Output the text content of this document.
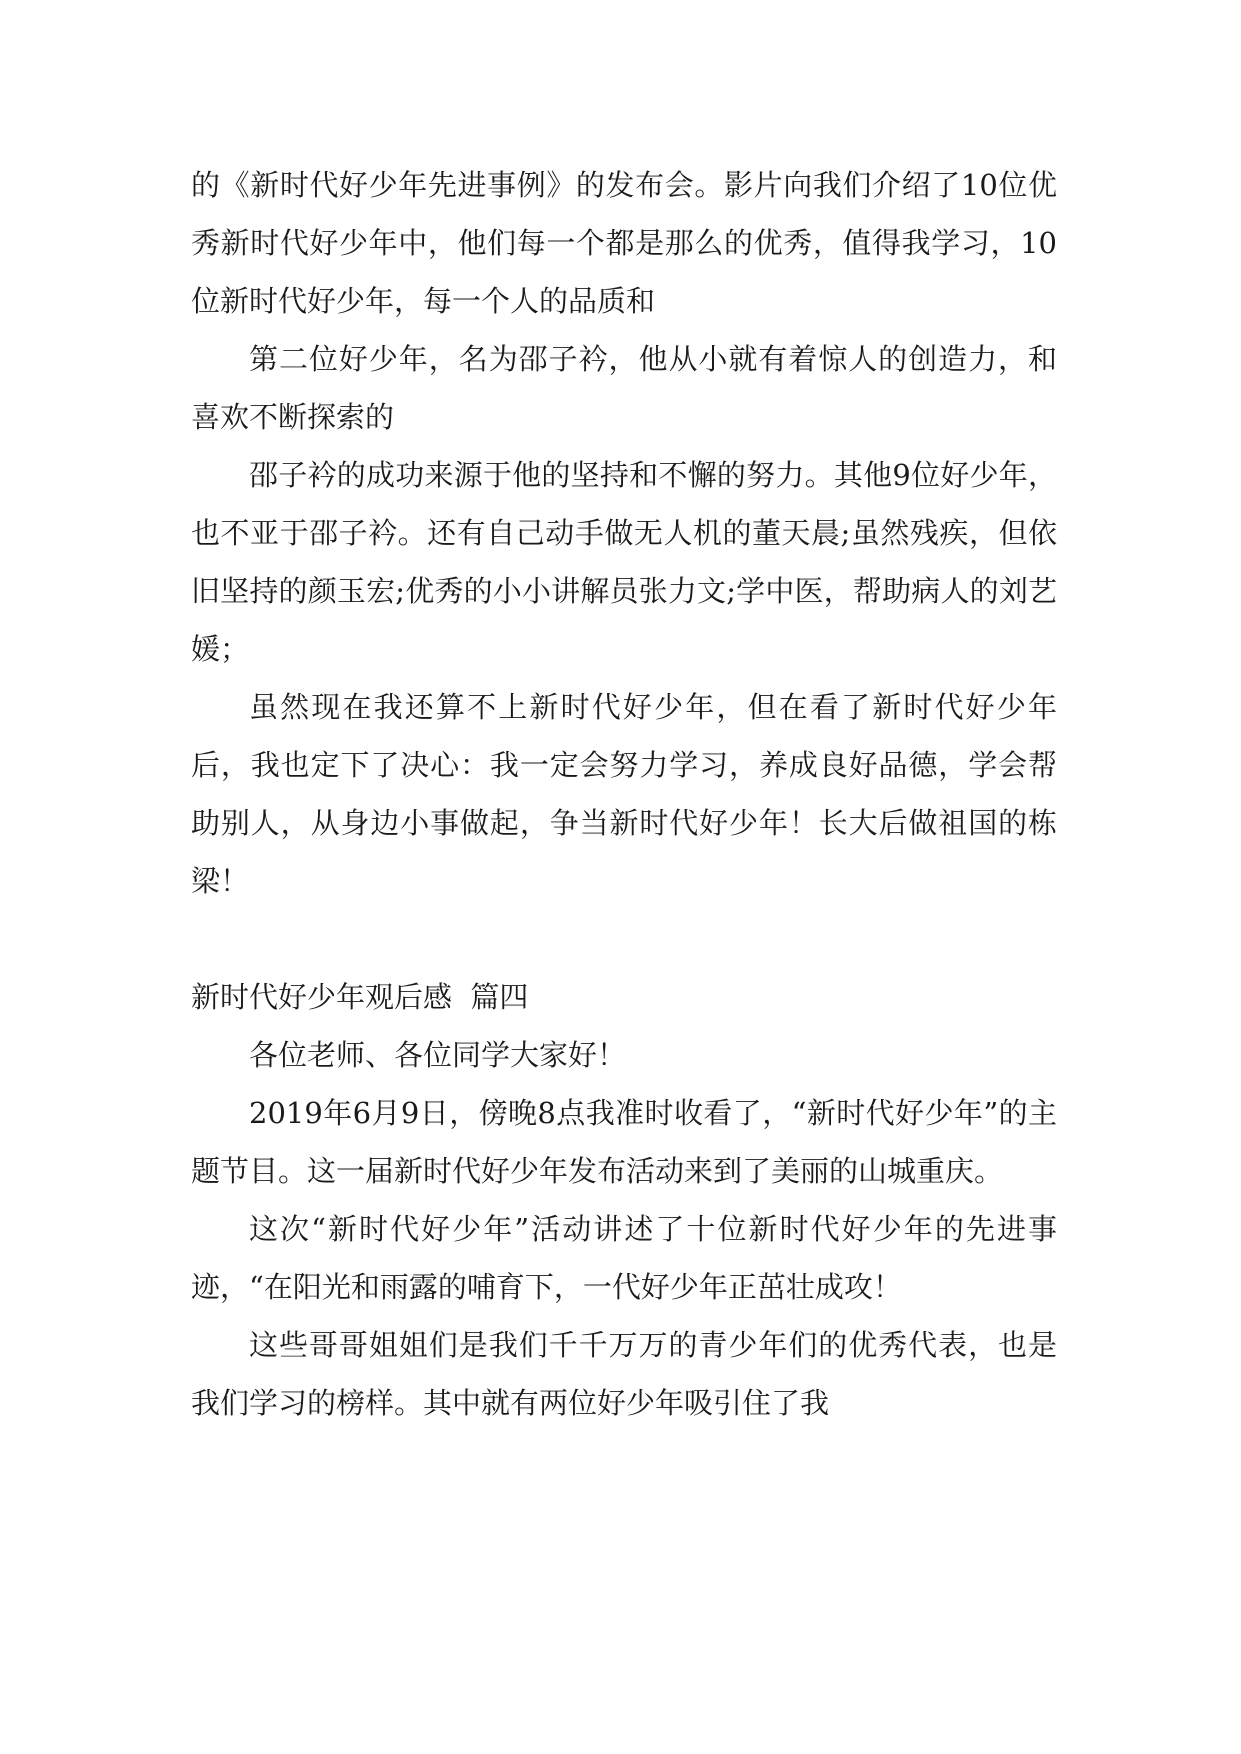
的《新时代好少年先进事例》的发布会。影片向我们介绍了10位优秀新时代好少年中，他们每一个都是那么的优秀，值得我学习，10位新时代好少年，每一个人的品质和

第二位好少年，名为邵子衿，他从小就有着惊人的创造力，和喜欢不断探索的

邵子衿的成功来源于他的坚持和不懈的努力。其他9位好少年，也不亚于邵子衿。还有自己动手做无人机的董天晨;虽然残疾，但依旧坚持的颜玉宏;优秀的小小讲解员张力文;学中医，帮助病人的刘艺媛；

虽然现在我还算不上新时代好少年，但在看了新时代好少年后，我也定下了决心：我一定会努力学习，养成良好品德，学会帮助别人，从身边小事做起，争当新时代好少年！长大后做祖国的栋梁！

新时代好少年观后感  篇四

各位老师、各位同学大家好！

2019年6月9日，傍晚8点我准时收看了，“新时代好少年”的主题节目。这一届新时代好少年发布活动来到了美丽的山城重庆。

这次“新时代好少年”活动讲述了十位新时代好少年的先进事迹，“在阳光和雨露的哺育下，一代好少年正茁壮成攻！

这些哥哥姐姐们是我们千千万万的青少年们的优秀代表，也是我们学习的榜样。其中就有两位好少年吸引住了我
